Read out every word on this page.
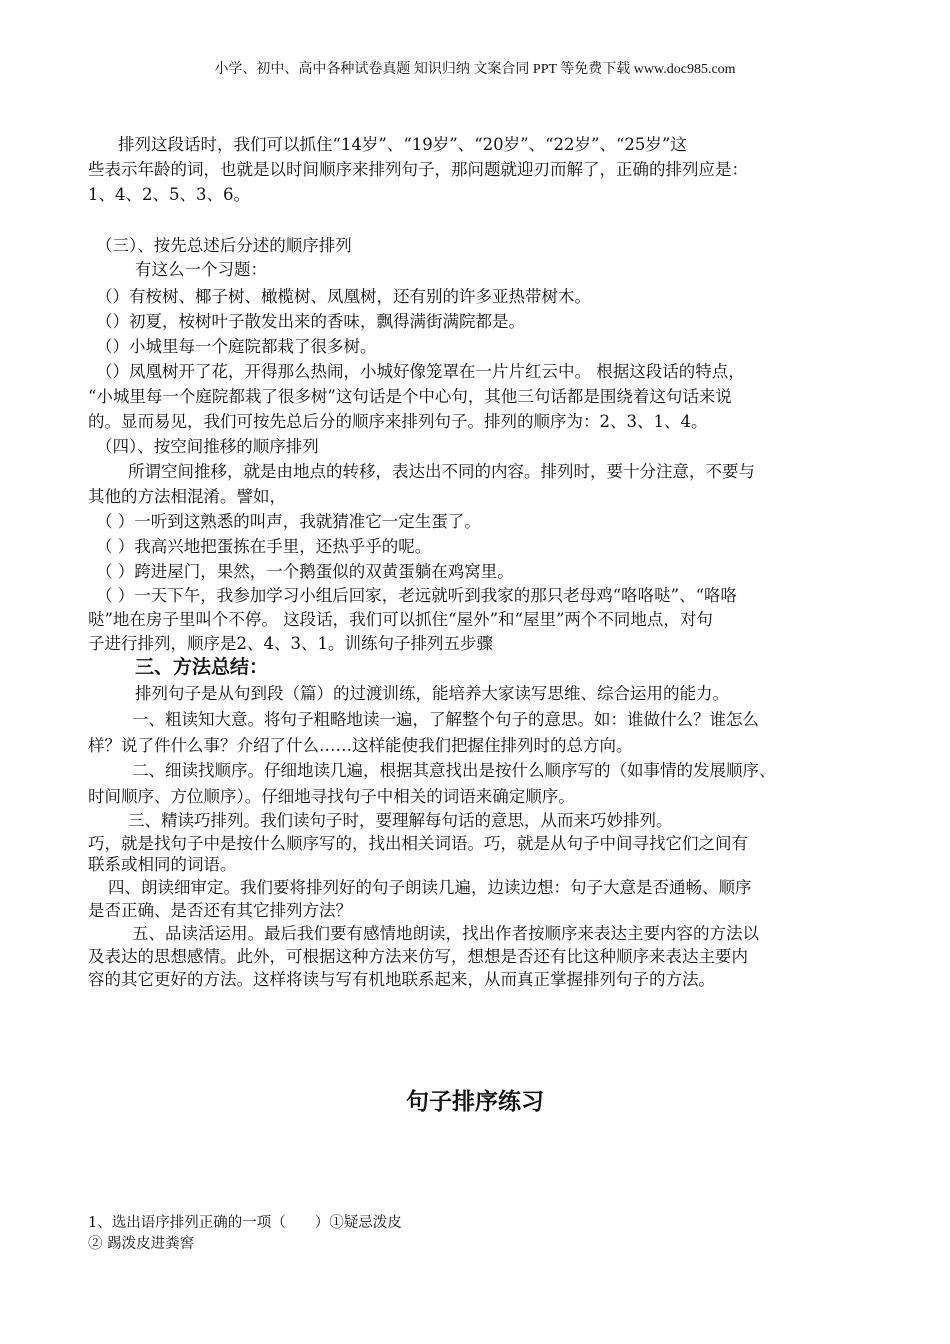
小学、初中、高中各种试卷真题 知识归纳 文案合同 PPT 等免费下载 www.doc985.com
排列这段话时，我们可以抓住“14岁”、“19岁”、“20岁”、“22岁”、“25岁”这
些表示年龄的词，也就是以时间顺序来排列句子，那问题就迎刃而解了，正确的排列应是：
1、4、2、5、3、6。
（三）、按先总述后分述的顺序排列
有这么一个习题：
（）有桉树、椰子树、橄榄树、凤凰树，还有别的许多亚热带树木。
（）初夏，桉树叶子散发出来的香味，飘得满街满院都是。
（）小城里每一个庭院都栽了很多树。
（）凤凰树开了花，开得那么热闹，小城好像笼罩在一片片红云中。 根据这段话的特点，
“小城里每一个庭院都栽了很多树”这句话是个中心句，其他三句话都是围绕着这句话来说
的。显而易见，我们可按先总后分的顺序来排列句子。排列的顺序为：2、3、1、4。
（四）、按空间推移的顺序排列
所谓空间推移，就是由地点的转移，表达出不同的内容。排列时，要十分注意，不要与
其他的方法相混淆。譬如，
（ ）一听到这熟悉的叫声，我就猜准它一定生蛋了。
（ ）我高兴地把蛋拣在手里，还热乎乎的呢。
（ ）跨进屋门，果然，一个鹅蛋似的双黄蛋躺在鸡窝里。
（ ）一天下午，我参加学习小组后回家，老远就听到我家的那只老母鸡“咯咯哒”、“咯咯
哒”地在房子里叫个不停。 这段话，我们可以抓住“屋外”和“屋里”两个不同地点，对句
子进行排列，顺序是2、4、3、1。训练句子排列五步骤
三、方法总结：
排列句子是从句到段（篇）的过渡训练，能培养大家读写思维、综合运用的能力。
一、粗读知大意。将句子粗略地读一遍，了解整个句子的意思。如：谁做什么？谁怎么
样？说了件什么事？介绍了什么……这样能使我们把握住排列时的总方向。
二、细读找顺序。仔细地读几遍，根据其意找出是按什么顺序写的（如事情的发展顺序、
时间顺序、方位顺序）。仔细地寻找句子中相关的词语来确定顺序。
三、精读巧排列。我们读句子时，要理解每句话的意思，从而来巧妙排列。
巧，就是找句子中是按什么顺序写的，找出相关词语。巧，就是从句子中间寻找它们之间有
联系或相同的词语。
四、朗读细审定。我们要将排列好的句子朗读几遍，边读边想：句子大意是否通畅、顺序
是否正确、是否还有其它排列方法？
五、品读活运用。最后我们要有感情地朗读，找出作者按顺序来表达主要内容的方法以
及表达的思想感情。此外，可根据这种方法来仿写，想想是否还有比这种顺序来表达主要内
容的其它更好的方法。这样将读与写有机地联系起来，从而真正掌握排列句子的方法。
句子排序练习
1、选出语序排列正确的一项（　　）①疑忌泼皮
② 踢泼皮进粪窖
